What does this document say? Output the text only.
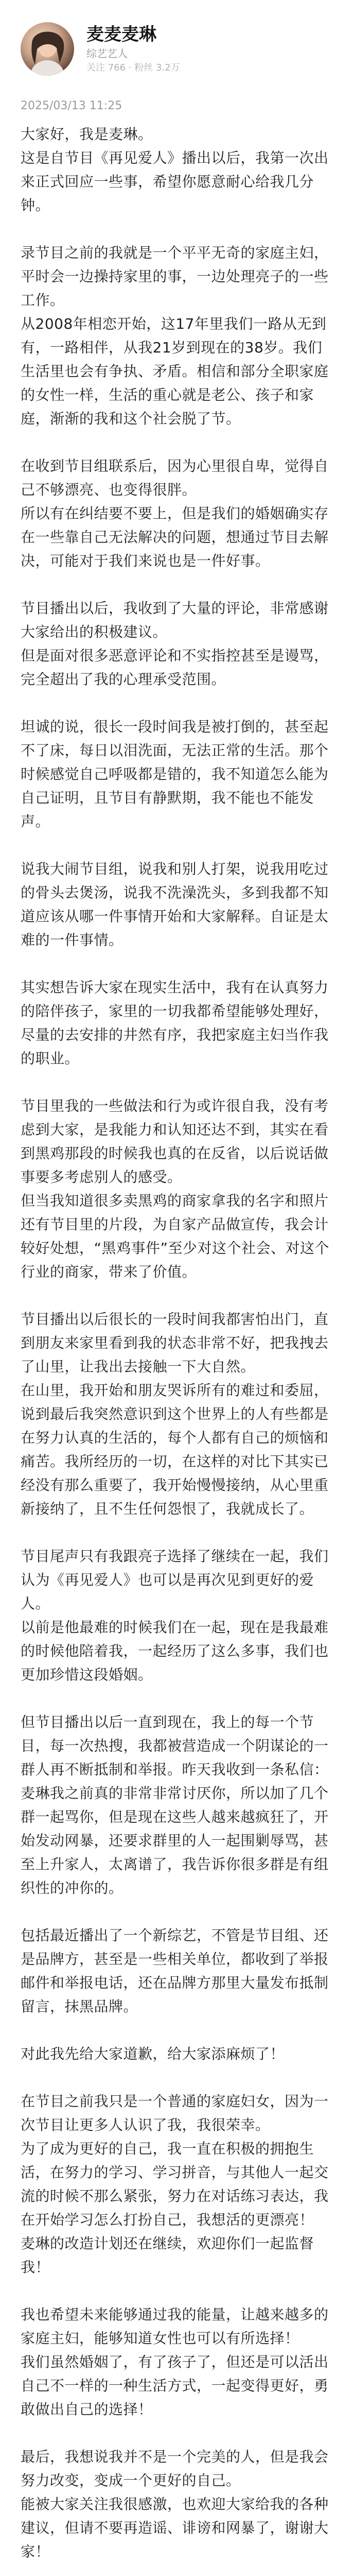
麦麦麦琳
综艺艺人
关注 766 · 粉丝 3.2万
2025/03/13 11:25
大家好，我是麦琳。
这是自节目《再见爱人》播出以后，我第一次出来正式回应一些事，希望你愿意耐心给我几分钟。
录节目之前的我就是一个平平无奇的家庭主妇，平时会一边操持家里的事，一边处理亮子的一些工作。
从2008年相恋开始，这17年里我们一路从无到有，一路相伴，从我21岁到现在的38岁。我们生活里也会有争执、矛盾。相信和部分全职家庭的女性一样，生活的重心就是老公、孩子和家庭，渐渐的我和这个社会脱了节。
在收到节目组联系后，因为心里很自卑，觉得自己不够漂亮、也变得很胖。
所以有在纠结要不要上，但是我们的婚姻确实存在一些靠自己无法解决的问题，想通过节目去解决，可能对于我们来说也是一件好事。
节目播出以后，我收到了大量的评论，非常感谢大家给出的积极建议。
但是面对很多恶意评论和不实指控甚至是谩骂，完全超出了我的心理承受范围。
坦诚的说，很长一段时间我是被打倒的，甚至起不了床，每日以泪洗面，无法正常的生活。那个时候感觉自己呼吸都是错的，我不知道怎么能为自己证明，且节目有静默期，我不能也不能发声。
说我大闹节目组，说我和别人打架，说我用吃过的骨头去煲汤，说我不洗澡洗头，多到我都不知道应该从哪一件事情开始和大家解释。自证是太难的一件事情。
其实想告诉大家在现实生活中，我有在认真努力的陪伴孩子，家里的一切我都希望能够处理好，尽量的去安排的井然有序，我把家庭主妇当作我的职业。
节目里我的一些做法和行为或许很自我，没有考虑到大家，是我能力和认知还达不到，其实在看到黑鸡那段的时候我也真的在反省，以后说话做事要多考虑别人的感受。
但当我知道很多卖黑鸡的商家拿我的名字和照片还有节目里的片段，为自家产品做宣传，我会计较好处想，“黑鸡事件”至少对这个社会、对这个行业的商家，带来了价值。
节目播出以后很长的一段时间我都害怕出门，直到朋友来家里看到我的状态非常不好，把我拽去了山里，让我出去接触一下大自然。
在山里，我开始和朋友哭诉所有的难过和委屈，说到最后我突然意识到这个世界上的人有些都是在努力认真的生活的，每个人都有自己的烦恼和痛苦。我所经历的一切，在这样的对比下其实已经没有那么重要了，我开始慢慢接纳，从心里重新接纳了，且不生任何怨恨了，我就成长了。
节目尾声只有我跟亮子选择了继续在一起，我们认为《再见爱人》也可以是再次见到更好的爱人。
以前是他最难的时候我们在一起，现在是我最难的时候他陪着我，一起经历了这么多事，我们也更加珍惜这段婚姻。
但节目播出以后一直到现在，我上的每一个节目，每一次热搜，我都被营造成一个阴谋论的一群人再不断抵制和举报。昨天我收到一条私信：
麦琳我之前真的非常非常讨厌你，所以加了几个群一起骂你，但是现在这些人越来越疯狂了，开始发动网暴，还要求群里的人一起围剿辱骂，甚至上升家人，太离谱了，我告诉你很多群是有组织性的冲你的。
包括最近播出了一个新综艺，不管是节目组、还是品牌方，甚至是一些相关单位，都收到了举报邮件和举报电话，还在品牌方那里大量发布抵制留言，抹黑品牌。
对此我先给大家道歉，给大家添麻烦了！
在节目之前我只是一个普通的家庭妇女，因为一次节目让更多人认识了我，我很荣幸。
为了成为更好的自己，我一直在积极的拥抱生活，在努力的学习、学习拼音，与其他人一起交流的时候不那么紧张，努力在对话练习表达，我在开始学习怎么打扮自己，我想活的更漂亮！
麦琳的改造计划还在继续，欢迎你们一起监督我！
我也希望未来能够通过我的能量，让越来越多的家庭主妇，能够知道女性也可以有所选择！
我们虽然婚姻了，有了孩子了，但还是可以活出自己不一样的一种生活方式，一起变得更好，勇敢做出自己的选择！
最后，我想说我并不是一个完美的人，但是我会努力改变，变成一个更好的自己。
能被大家关注我很感激，也欢迎大家给我的各种建议，但请不要再造谣、诽谤和网暴了，谢谢大家！
